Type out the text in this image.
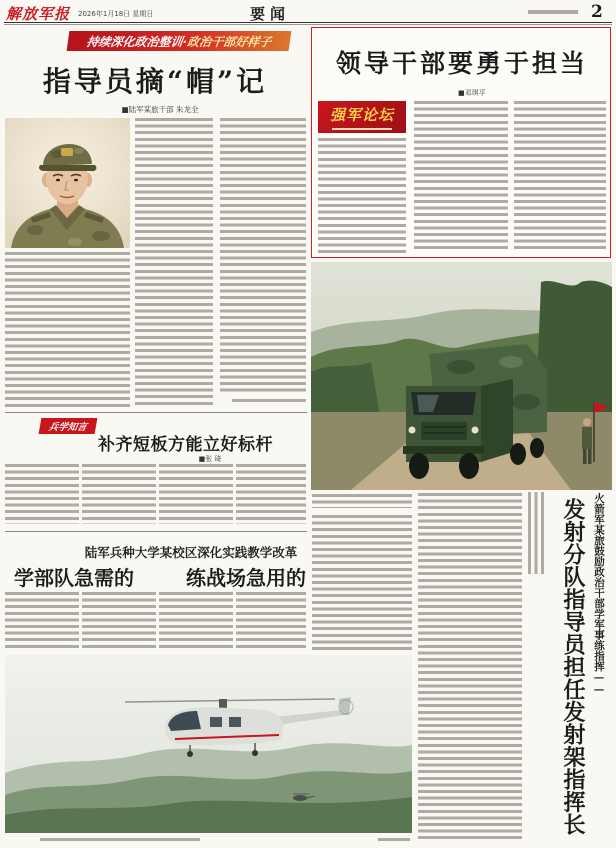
解放军报 2026年1月18日 星期日	要闻	2
持续深化政治整训
·政治干部好样子
指导员摘“帽”记
■陆军某旅干部 朱龙全
领导干部要勇于担当
■邓琪平
强军论坛
兵学知言
补齐短板方能立好标杆
■张 琦
陆军兵种大学某校区深化实践教学改革
学部队急需的	练战场急用的	发射分队指导员担任发射架指挥长 火箭军某旅鼓励政治干部学军事练指挥——
